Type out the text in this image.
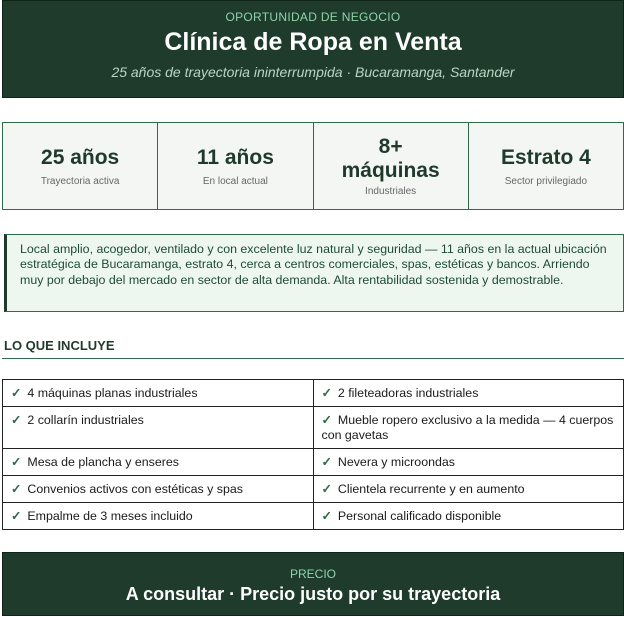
OPORTUNIDAD DE NEGOCIO
Clínica de Ropa en Venta
25 años de trayectoria ininterrumpida · Bucaramanga, Santander
25 años
Trayectoria activa
11 años
En local actual
8+ máquinas
Industriales
Estrato 4
Sector privilegiado
Local amplio, acogedor, ventilado y con excelente luz natural y seguridad — 11 años en la actual ubicación estratégica de Bucaramanga, estrato 4, cerca a centros comerciales, spas, estéticas y bancos. Arriendo muy por debajo del mercado en sector de alta demanda. Alta rentabilidad sostenida y demostrable.
LO QUE INCLUYE
✓ 4 máquinas planas industriales	✓ 2 fileteadoras industriales
✓ 2 collarín industriales	✓ Mueble ropero exclusivo a la medida — 4 cuerpos con gavetas
✓ Mesa de plancha y enseres	✓ Nevera y microondas
✓ Convenios activos con estéticas y spas	✓ Clientela recurrente y en aumento
✓ Empalme de 3 meses incluido	✓ Personal calificado disponible
PRECIO
A consultar · Precio justo por su trayectoria
